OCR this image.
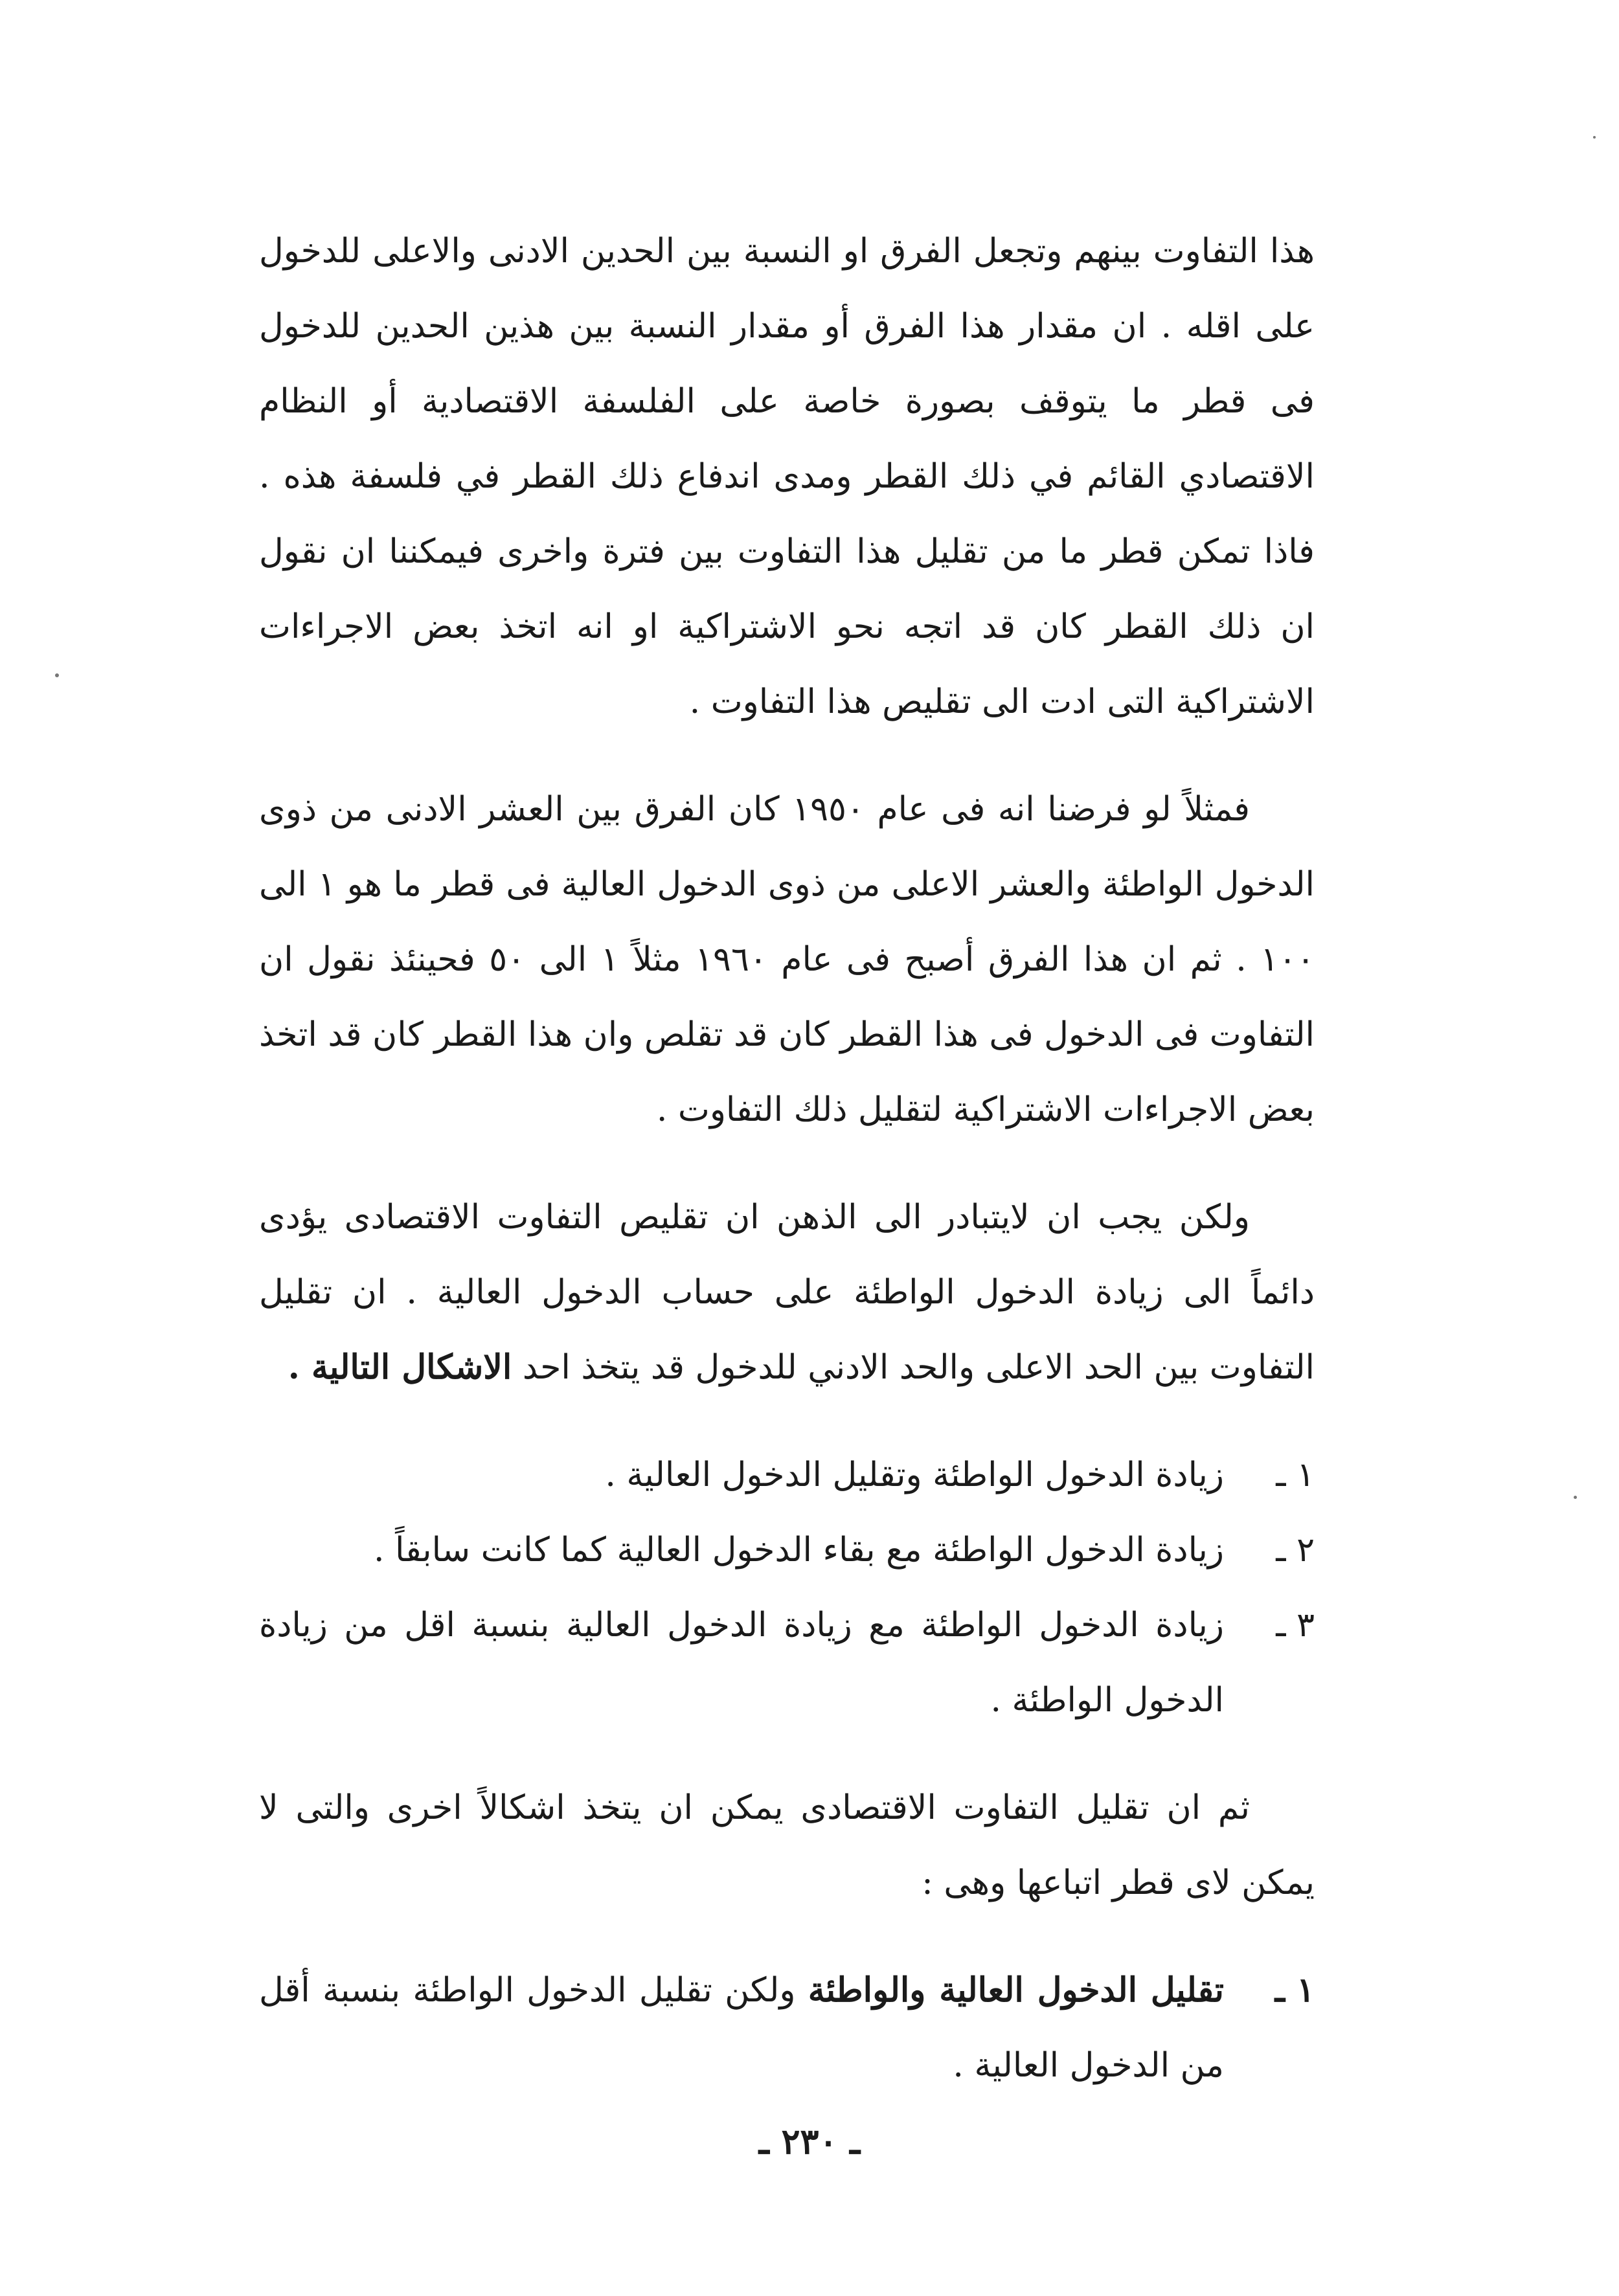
هذا التفاوت بينهم وتجعل الفرق او النسبة بين الحدين الادنى والاعلى للدخول على اقله . ان مقدار هذا الفرق أو مقدار النسبة بين هذين الحدين للدخول فى قطر ما يتوقف بصورة خاصة على الفلسفة الاقتصادية أو النظام الاقتصادي القائم في ذلك القطر ومدى اندفاع ذلك القطر في فلسفة هذه . فاذا تمكن قطر ما من تقليل هذا التفاوت بين فترة واخرى فيمكننا ان نقول ان ذلك القطر كان قد اتجه نحو الاشتراكية او انه اتخذ بعض الاجراءات الاشتراكية التى ادت الى تقليص هذا التفاوت .

فمثلاً لو فرضنا انه فى عام ١٩٥٠ كان الفرق بين العشر الادنى من ذوى الدخول الواطئة والعشر الاعلى من ذوى الدخول العالية فى قطر ما هو ١ الى ١٠٠ . ثم ان هذا الفرق أصبح فى عام ١٩٦٠ مثلاً ١ الى ٥٠ فحينئذ نقول ان التفاوت فى الدخول فى هذا القطر كان قد تقلص وان هذا القطر كان قد اتخذ بعض الاجراءات الاشتراكية لتقليل ذلك التفاوت .

ولكن يجب ان لايتبادر الى الذهن ان تقليص التفاوت الاقتصادى يؤدى دائماً الى زيادة الدخول الواطئة على حساب الدخول العالية . ان تقليل التفاوت بين الحد الاعلى والحد الادني للدخول قد يتخذ احد الاشكال التالية .

١ ـ
زيادة الدخول الواطئة وتقليل الدخول العالية .
٢ ـ
زيادة الدخول الواطئة مع بقاء الدخول العالية كما كانت سابقاً .
٣ ـ
زيادة الدخول الواطئة مع زيادة الدخول العالية بنسبة اقل من زيادة الدخول الواطئة .

ثم ان تقليل التفاوت الاقتصادى يمكن ان يتخذ اشكالاً اخرى والتى لا يمكن لاى قطر اتباعها وهى :

١ ـ
تقليل الدخول العالية والواطئة ولكن تقليل الدخول الواطئة بنسبة أقل من الدخول العالية .
ـ ٢٣٠ ـ
